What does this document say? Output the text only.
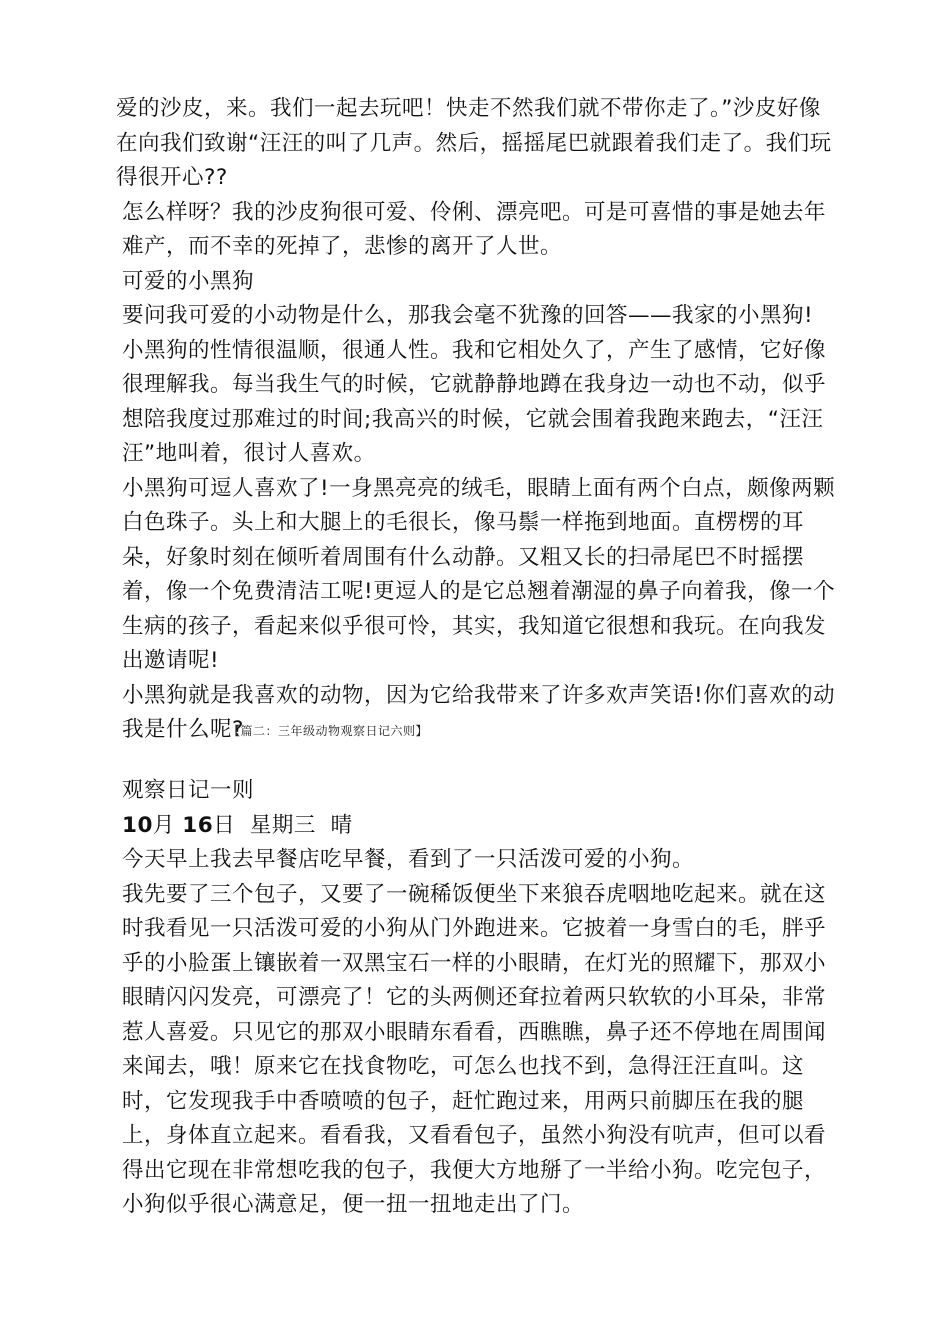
爱的沙皮，来。我们一起去玩吧！快走不然我们就不带你走了。”沙皮好像在向我们致谢“汪汪的叫了几声。然后，摇摇尾巴就跟着我们走了。我们玩得很开心??

怎么样呀？我的沙皮狗很可爱、伶俐、漂亮吧。可是可喜惜的事是她去年难产，而不幸的死掉了，悲惨的离开了人世。

可爱的小黑狗

要问我可爱的小动物是什么，那我会毫不犹豫的回答——我家的小黑狗!

小黑狗的性情很温顺，很通人性。我和它相处久了，产生了感情，它好像很理解我。每当我生气的时候，它就静静地蹲在我身边一动也不动，似乎想陪我度过那难过的时间;我高兴的时候，它就会围着我跑来跑去，“汪汪汪”地叫着，很讨人喜欢。

小黑狗可逗人喜欢了!一身黑亮亮的绒毛，眼睛上面有两个白点，颇像两颗白色珠子。头上和大腿上的毛很长，像马鬃一样拖到地面。直楞楞的耳朵，好象时刻在倾听着周围有什么动静。又粗又长的扫帚尾巴不时摇摆着，像一个免费清洁工呢!更逗人的是它总翘着潮湿的鼻子向着我，像一个生病的孩子，看起来似乎很可怜，其实，我知道它很想和我玩。在向我发出邀请呢!

小黑狗就是我喜欢的动物，因为它给我带来了许多欢声笑语!你们喜欢的动我是什么呢?

【篇二：三年级动物观察日记六则】

观察日记一则

10月 16日 星期三 晴

今天早上我去早餐店吃早餐，看到了一只活泼可爱的小狗。

我先要了三个包子，又要了一碗稀饭便坐下来狼吞虎咽地吃起来。就在这时我看见一只活泼可爱的小狗从门外跑进来。它披着一身雪白的毛，胖乎乎的小脸蛋上镶嵌着一双黑宝石一样的小眼睛，在灯光的照耀下，那双小眼睛闪闪发亮，可漂亮了！它的头两侧还耷拉着两只软软的小耳朵，非常惹人喜爱。只见它的那双小眼睛东看看，西瞧瞧，鼻子还不停地在周围闻来闻去，哦！原来它在找食物吃，可怎么也找不到，急得汪汪直叫。这时，它发现我手中香喷喷的包子，赶忙跑过来，用两只前脚压在我的腿上，身体直立起来。看看我，又看看包子，虽然小狗没有吭声，但可以看得出它现在非常想吃我的包子，我便大方地掰了一半给小狗。吃完包子，小狗似乎很心满意足，便一扭一扭地走出了门。
